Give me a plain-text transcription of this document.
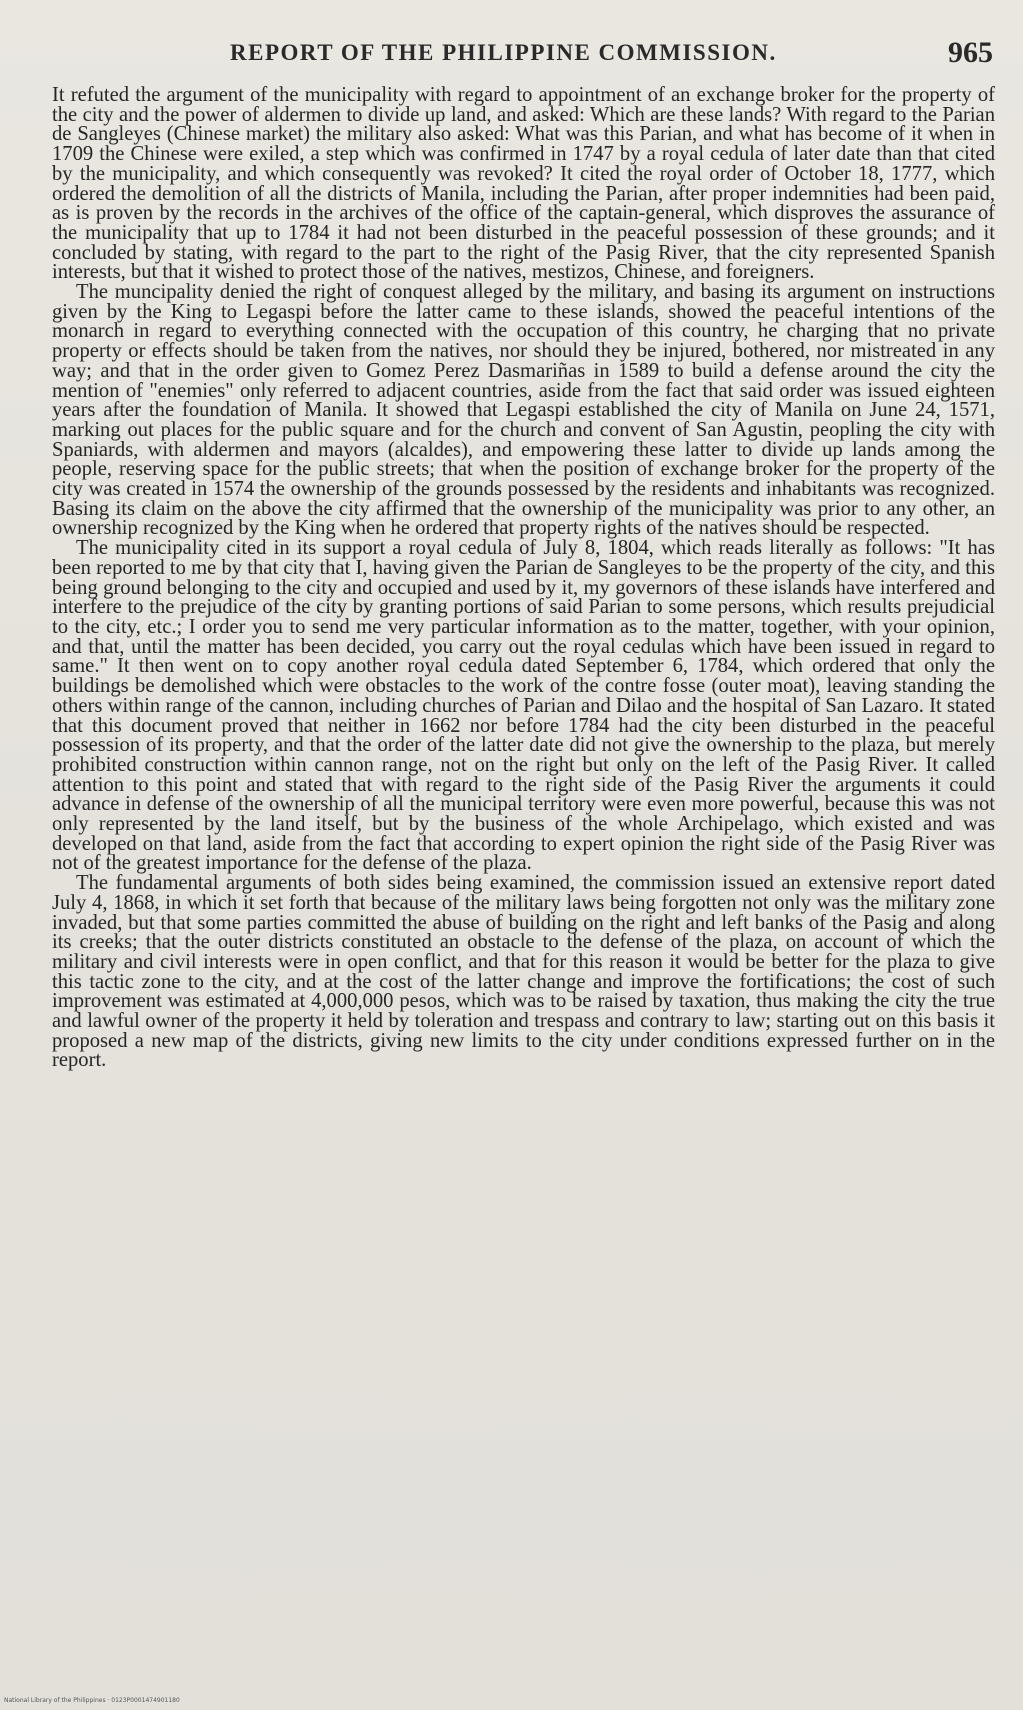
REPORT OF THE PHILIPPINE COMMISSION.	965

It refuted the argument of the municipality with regard to appointment of an exchange broker for the property of the city and the power of aldermen to divide up land, and asked: Which are these lands? With regard to the Parian de Sangleyes (Chinese market) the military also asked: What was this Parian, and what has become of it when in 1709 the Chinese were exiled, a step which was confirmed in 1747 by a royal cedula of later date than that cited by the municipality, and which consequently was revoked? It cited the royal order of October 18, 1777, which ordered the demolition of all the districts of Manila, including the Parian, after proper indemnities had been paid, as is proven by the records in the archives of the office of the captain-general, which disproves the assurance of the municipality that up to 1784 it had not been disturbed in the peaceful possession of these grounds; and it concluded by stating, with regard to the part to the right of the Pasig River, that the city represented Spanish interests, but that it wished to protect those of the natives, mestizos, Chinese, and foreigners.

The muncipality denied the right of conquest alleged by the military, and basing its argument on instructions given by the King to Legaspi before the latter came to these islands, showed the peaceful intentions of the monarch in regard to everything connected with the occupation of this country, he charging that no private property or effects should be taken from the natives, nor should they be injured, bothered, nor mistreated in any way; and that in the order given to Gomez Perez Dasmariñas in 1589 to build a defense around the city the mention of "enemies" only referred to adjacent countries, aside from the fact that said order was issued eighteen years after the foundation of Manila. It showed that Legaspi established the city of Manila on June 24, 1571, marking out places for the public square and for the church and convent of San Agustin, peopling the city with Spaniards, with aldermen and mayors (alcaldes), and empowering these latter to divide up lands among the people, reserving space for the public streets; that when the position of exchange broker for the property of the city was created in 1574 the ownership of the grounds possessed by the residents and inhabitants was recognized. Basing its claim on the above the city affirmed that the ownership of the municipality was prior to any other, an ownership recognized by the King when he ordered that property rights of the natives should be respected.

The municipality cited in its support a royal cedula of July 8, 1804, which reads literally as follows: "It has been reported to me by that city that I, having given the Parian de Sangleyes to be the property of the city, and this being ground belonging to the city and occupied and used by it, my governors of these islands have interfered and interfere to the prejudice of the city by granting portions of said Parian to some persons, which results prejudicial to the city, etc.; I order you to send me very particular information as to the matter, together, with your opinion, and that, until the matter has been decided, you carry out the royal cedulas which have been issued in regard to same." It then went on to copy another royal cedula dated September 6, 1784, which ordered that only the buildings be demolished which were obstacles to the work of the contre fosse (outer moat), leaving standing the others within range of the cannon, including churches of Parian and Dilao and the hospital of San Lazaro. It stated that this document proved that neither in 1662 nor before 1784 had the city been disturbed in the peaceful possession of its property, and that the order of the latter date did not give the ownership to the plaza, but merely prohibited construction within cannon range, not on the right but only on the left of the Pasig River. It called attention to this point and stated that with regard to the right side of the Pasig River the arguments it could advance in defense of the ownership of all the municipal territory were even more powerful, because this was not only represented by the land itself, but by the business of the whole Archipelago, which existed and was developed on that land, aside from the fact that according to expert opinion the right side of the Pasig River was not of the greatest importance for the defense of the plaza.

The fundamental arguments of both sides being examined, the commission issued an extensive report dated July 4, 1868, in which it set forth that because of the military laws being forgotten not only was the military zone invaded, but that some parties committed the abuse of building on the right and left banks of the Pasig and along its creeks; that the outer districts constituted an obstacle to the defense of the plaza, on account of which the military and civil interests were in open conflict, and that for this reason it would be better for the plaza to give this tactic zone to the city, and at the cost of the latter change and improve the fortifications; the cost of such improvement was estimated at 4,000,000 pesos, which was to be raised by taxation, thus making the city the true and lawful owner of the property it held by toleration and trespass and contrary to law; starting out on this basis it proposed a new map of the districts, giving new limits to the city under conditions expressed further on in the report.

National Library of the Philippines · 0123P0001474901180
